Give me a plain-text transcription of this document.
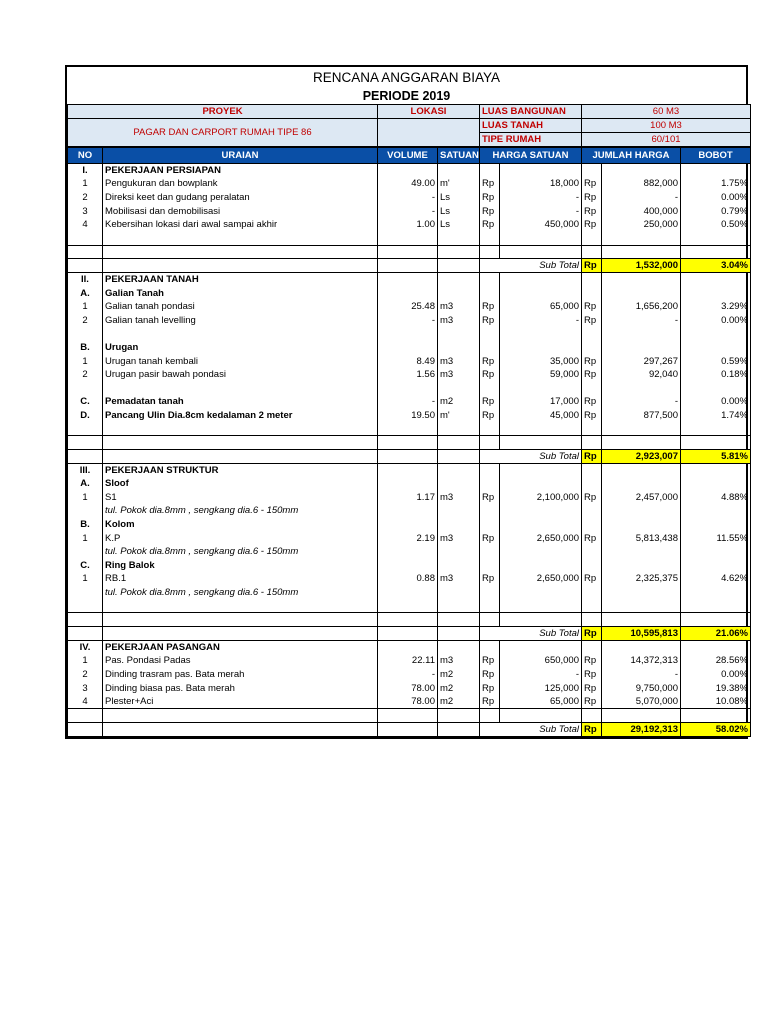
RENCANA ANGGARAN BIAYA
PERIODE 2019
PROYEK	LOKASI	LUAS BANGUNAN	60 M3
PAGAR DAN CARPORT RUMAH TIPE 86		LUAS TANAH	100 M3
		TIPE RUMAH	60/101
NO	URAIAN	VOLUME	SATUAN	HARGA SATUAN		JUMLAH HARGA		BOBOT
I.	PEKERJAAN PERSIAPAN							
1	Pengukuran dan bowplank	49.00	m'	Rp	18,000	Rp	882,000	1.75%
2	Direksi keet dan gudang peralatan	-	Ls	Rp	-	Rp	-	0.00%
3	Mobilisasi dan demobilisasi	-	Ls	Rp	-	Rp	400,000	0.79%
4	Kebersihan lokasi dari awal sampai akhir	1.00	Ls	Rp	450,000	Rp	250,000	0.50%

				Sub Total		Rp	1,532,000	3.04%
II.	PEKERJAAN TANAH							
A.	Galian Tanah							
1	Galian tanah pondasi	25.48	m3	Rp	65,000	Rp	1,656,200	3.29%
2	Galian tanah levelling	-	m3	Rp	-	Rp	-	0.00%

B.	Urugan							
1	Urugan tanah kembali	8.49	m3	Rp	35,000	Rp	297,267	0.59%
2	Urugan pasir bawah pondasi	1.56	m3	Rp	59,000	Rp	92,040	0.18%

C.	Pemadatan tanah	-	m2	Rp	17,000	Rp	-	0.00%
D.	Pancang Ulin Dia.8cm kedalaman 2 meter	19.50	m'	Rp	45,000	Rp	877,500	1.74%

				Sub Total		Rp	2,923,007	5.81%
III.	PEKERJAAN STRUKTUR							
A.	Sloof							
1	S1	1.17	m3	Rp	2,100,000	Rp	2,457,000	4.88%
	tul. Pokok dia.8mm , sengkang dia.6 - 150mm							
B.	Kolom							
1	K.P	2.19	m3	Rp	2,650,000	Rp	5,813,438	11.55%
	tul. Pokok dia.8mm , sengkang dia.6 - 150mm							
C.	Ring Balok							
1	RB.1	0.88	m3	Rp	2,650,000	Rp	2,325,375	4.62%
	tul. Pokok dia.8mm , sengkang dia.6 - 150mm							

				Sub Total		Rp	10,595,813	21.06%
IV.	PEKERJAAN PASANGAN							
1	Pas. Pondasi Padas	22.11	m3	Rp	650,000	Rp	14,372,313	28.56%
2	Dinding trasram pas. Bata merah	-	m2	Rp	-	Rp	-	0.00%
3	Dinding biasa pas. Bata merah	78.00	m2	Rp	125,000	Rp	9,750,000	19.38%
4	Plester+Aci	78.00	m2	Rp	65,000	Rp	5,070,000	10.08%

				Sub Total		Rp	29,192,313	58.02%
